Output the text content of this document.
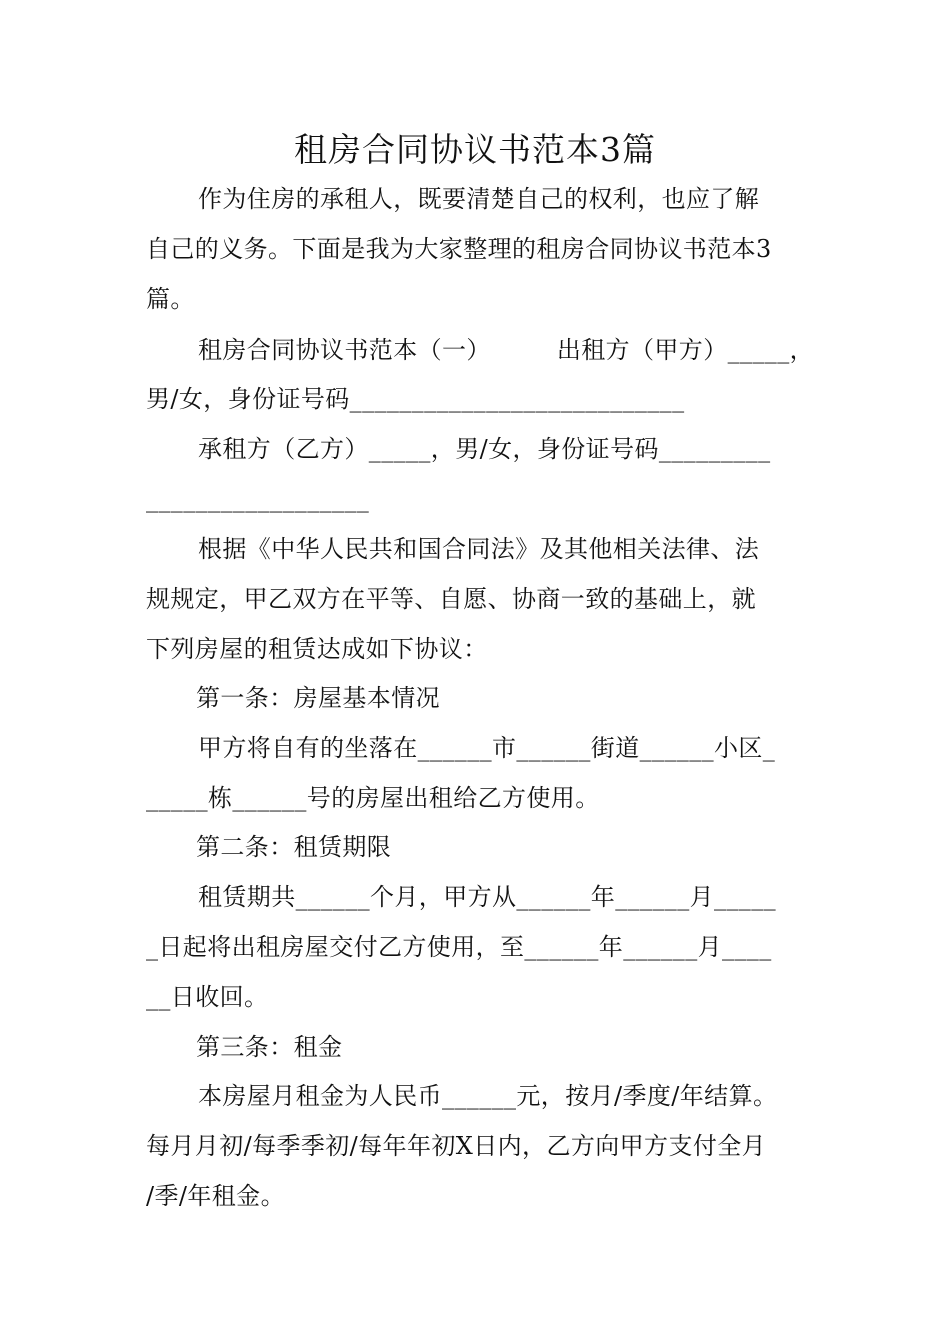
租房合同协议书范本3篇
作为住房的承租人，既要清楚自己的权利，也应了解
自己的义务。下面是我为大家整理的租房合同协议书范本3
篇。
租房合同协议书范本（一）	出租方（甲方）_____，
男/女，身份证号码___________________________
承租方（乙方）_____，男/女，身份证号码_________
__________________
根据《中华人民共和国合同法》及其他相关法律、法
规规定，甲乙双方在平等、自愿、协商一致的基础上，就
下列房屋的租赁达成如下协议：
第一条：房屋基本情况
甲方将自有的坐落在______市______街道______小区_
_____栋______号的房屋出租给乙方使用。
第二条：租赁期限
租赁期共______个月，甲方从______年______月_____
_日起将出租房屋交付乙方使用，至______年______月____
__日收回。
第三条：租金
本房屋月租金为人民币______元，按月/季度/年结算。
每月月初/每季季初/每年年初X日内，乙方向甲方支付全月
/季/年租金。
